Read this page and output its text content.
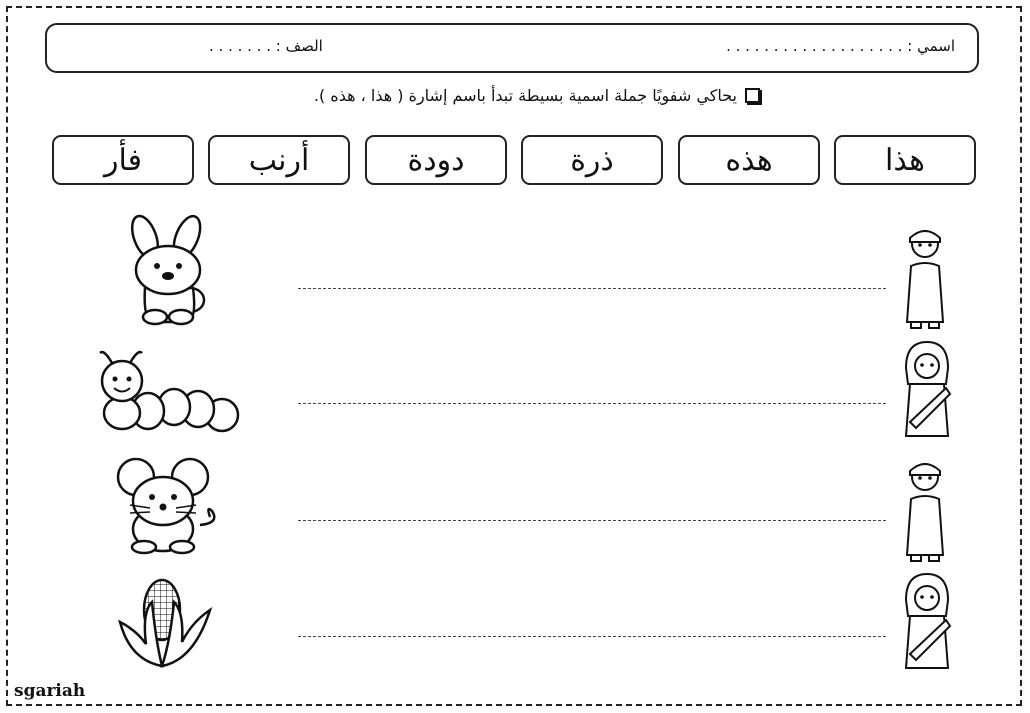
اسمي : . . . . . . . . . . . . . . . . . . .
الصف : . . . . . . .
يحاكي شفويًا جملة اسمية بسيطة تبدأ باسم إشارة ( هذا ، هذه ).
هذا
هذه
ذرة
دودة
أرنب
فأر
sgariah
